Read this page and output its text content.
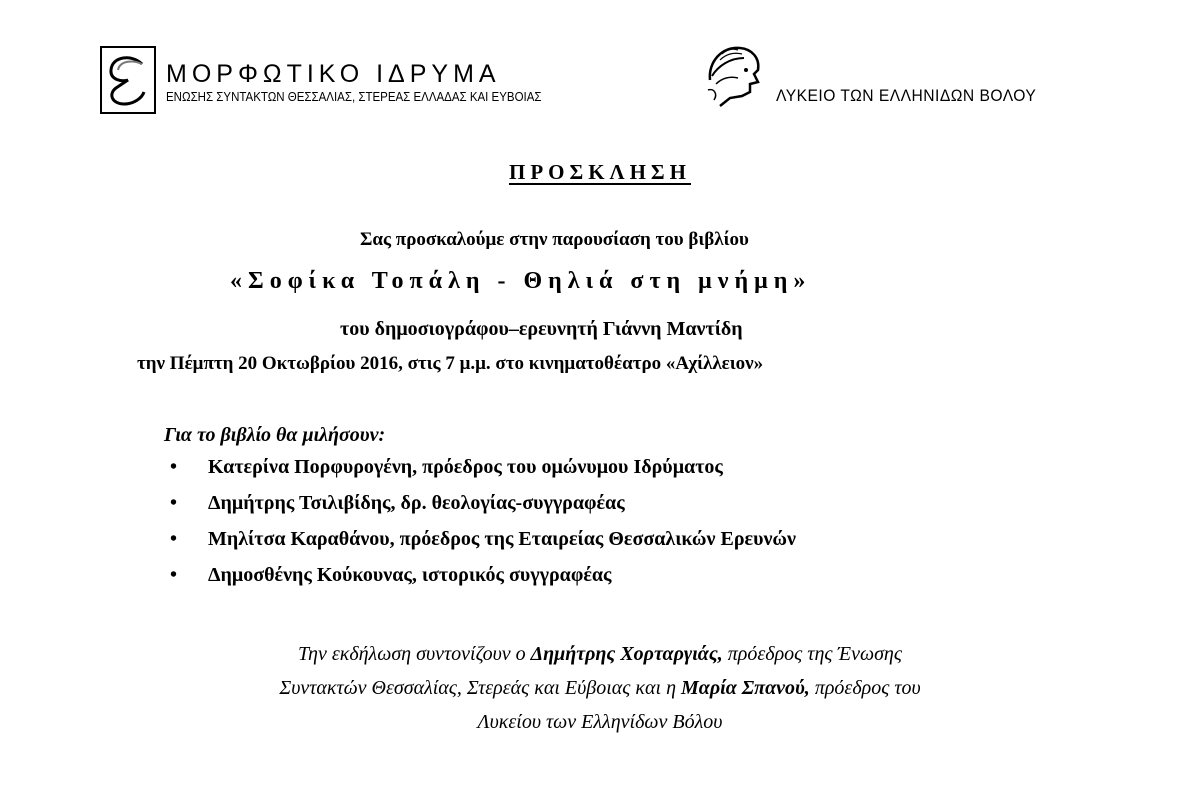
ΜΟΡΦΩΤΙΚΟ ΙΔΡΥΜΑ
ΕΝΩΣΗΣ ΣΥΝΤΑΚΤΩΝ ΘΕΣΣΑΛΙΑΣ, ΣΤΕΡΕΑΣ ΕΛΛΑΔΑΣ ΚΑΙ ΕΥΒΟΙΑΣ	ΛΥΚΕΙΟ ΤΩΝ ΕΛΛΗΝΙΔΩΝ ΒΟΛΟΥ
ΠΡΟΣΚΛΗΣΗ
Σας προσκαλούμε στην παρουσίαση του βιβλίου
«Σοφίκα Τοπάλη - Θηλιά στη μνήμη»
του δημοσιογράφου–ερευνητή Γιάννη Μαντίδη
την Πέμπτη 20 Οκτωβρίου 2016, στις 7 μ.μ. στο κινηματοθέατρο «Αχίλλειον»
Για το βιβλίο θα μιλήσουν:
• Κατερίνα Πορφυρογένη, πρόεδρος του ομώνυμου Ιδρύματος
• Δημήτρης Τσιλιβίδης, δρ. θεολογίας-συγγραφέας
• Μηλίτσα Καραθάνου, πρόεδρος της Εταιρείας Θεσσαλικών Ερευνών
• Δημοσθένης Κούκουνας, ιστορικός συγγραφέας
Την εκδήλωση συντονίζουν ο Δημήτρης Χορταργιάς, πρόεδρος της Ένωσης
Συντακτών Θεσσαλίας, Στερεάς και Εύβοιας και η Μαρία Σπανού, πρόεδρος του
Λυκείου των Ελληνίδων Βόλου
